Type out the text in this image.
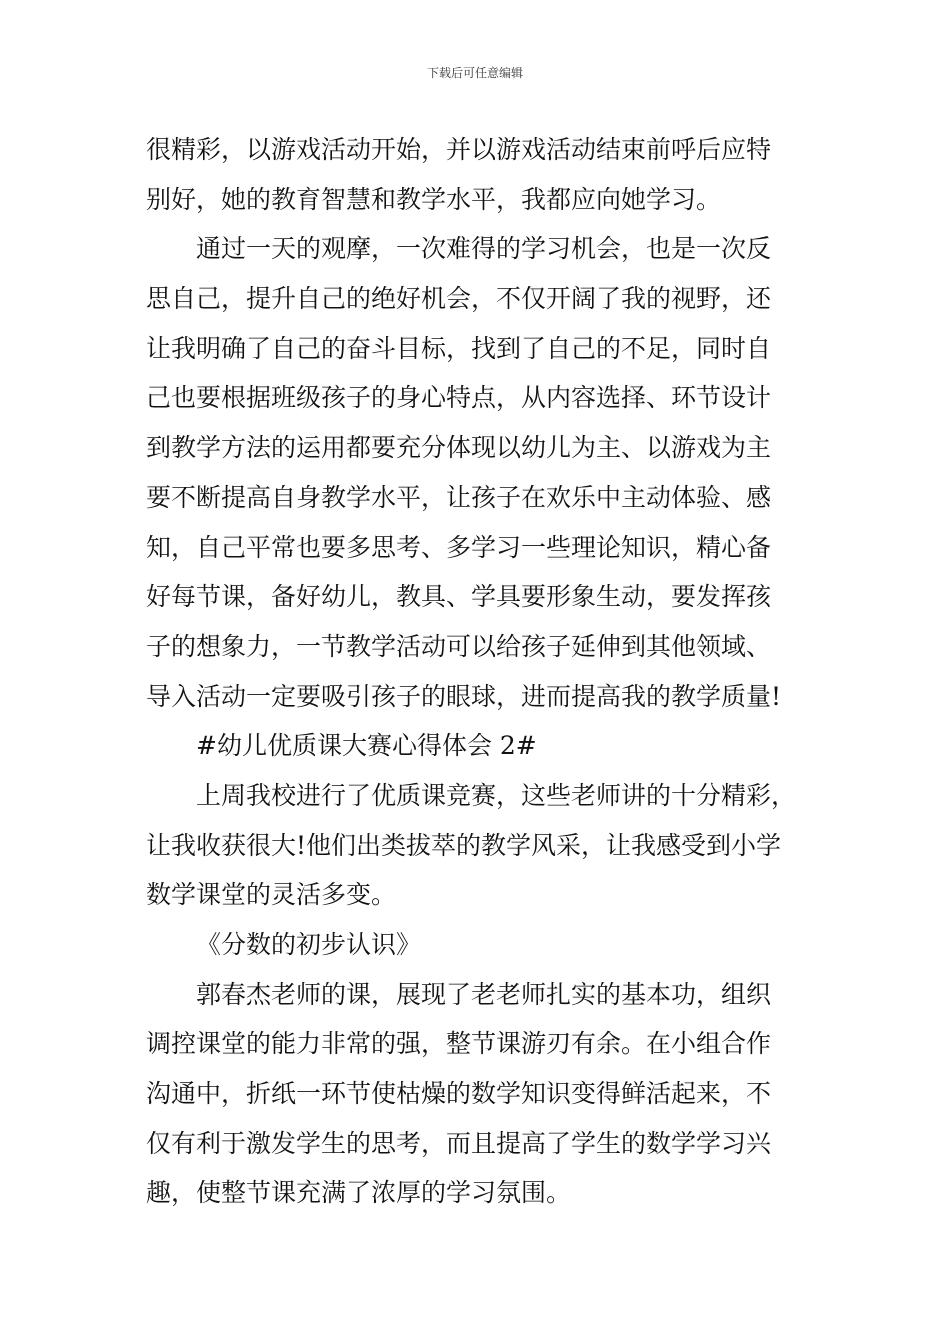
下载后可任意编辑
很精彩，以游戏活动开始，并以游戏活动结束前呼后应特
别好，她的教育智慧和教学水平，我都应向她学习。
通过一天的观摩，一次难得的学习机会，也是一次反
思自己，提升自己的绝好机会，不仅开阔了我的视野，还
让我明确了自己的奋斗目标，找到了自己的不足，同时自
己也要根据班级孩子的身心特点，从内容选择、环节设计
到教学方法的运用都要充分体现以幼儿为主、以游戏为主
要不断提高自身教学水平，让孩子在欢乐中主动体验、感
知，自己平常也要多思考、多学习一些理论知识，精心备
好每节课，备好幼儿，教具、学具要形象生动，要发挥孩
子的想象力，一节教学活动可以给孩子延伸到其他领域、
导入活动一定要吸引孩子的眼球，进而提高我的教学质量!
#幼儿优质课大赛心得体会 2#
上周我校进行了优质课竞赛，这些老师讲的十分精彩，
让我收获很大!他们出类拔萃的教学风采，让我感受到小学
数学课堂的灵活多变。
《分数的初步认识》
郭春杰老师的课，展现了老老师扎实的基本功，组织
调控课堂的能力非常的强，整节课游刃有余。在小组合作
沟通中，折纸一环节使枯燥的数学知识变得鲜活起来，不
仅有利于激发学生的思考，而且提高了学生的数学学习兴
趣，使整节课充满了浓厚的学习氛围。
